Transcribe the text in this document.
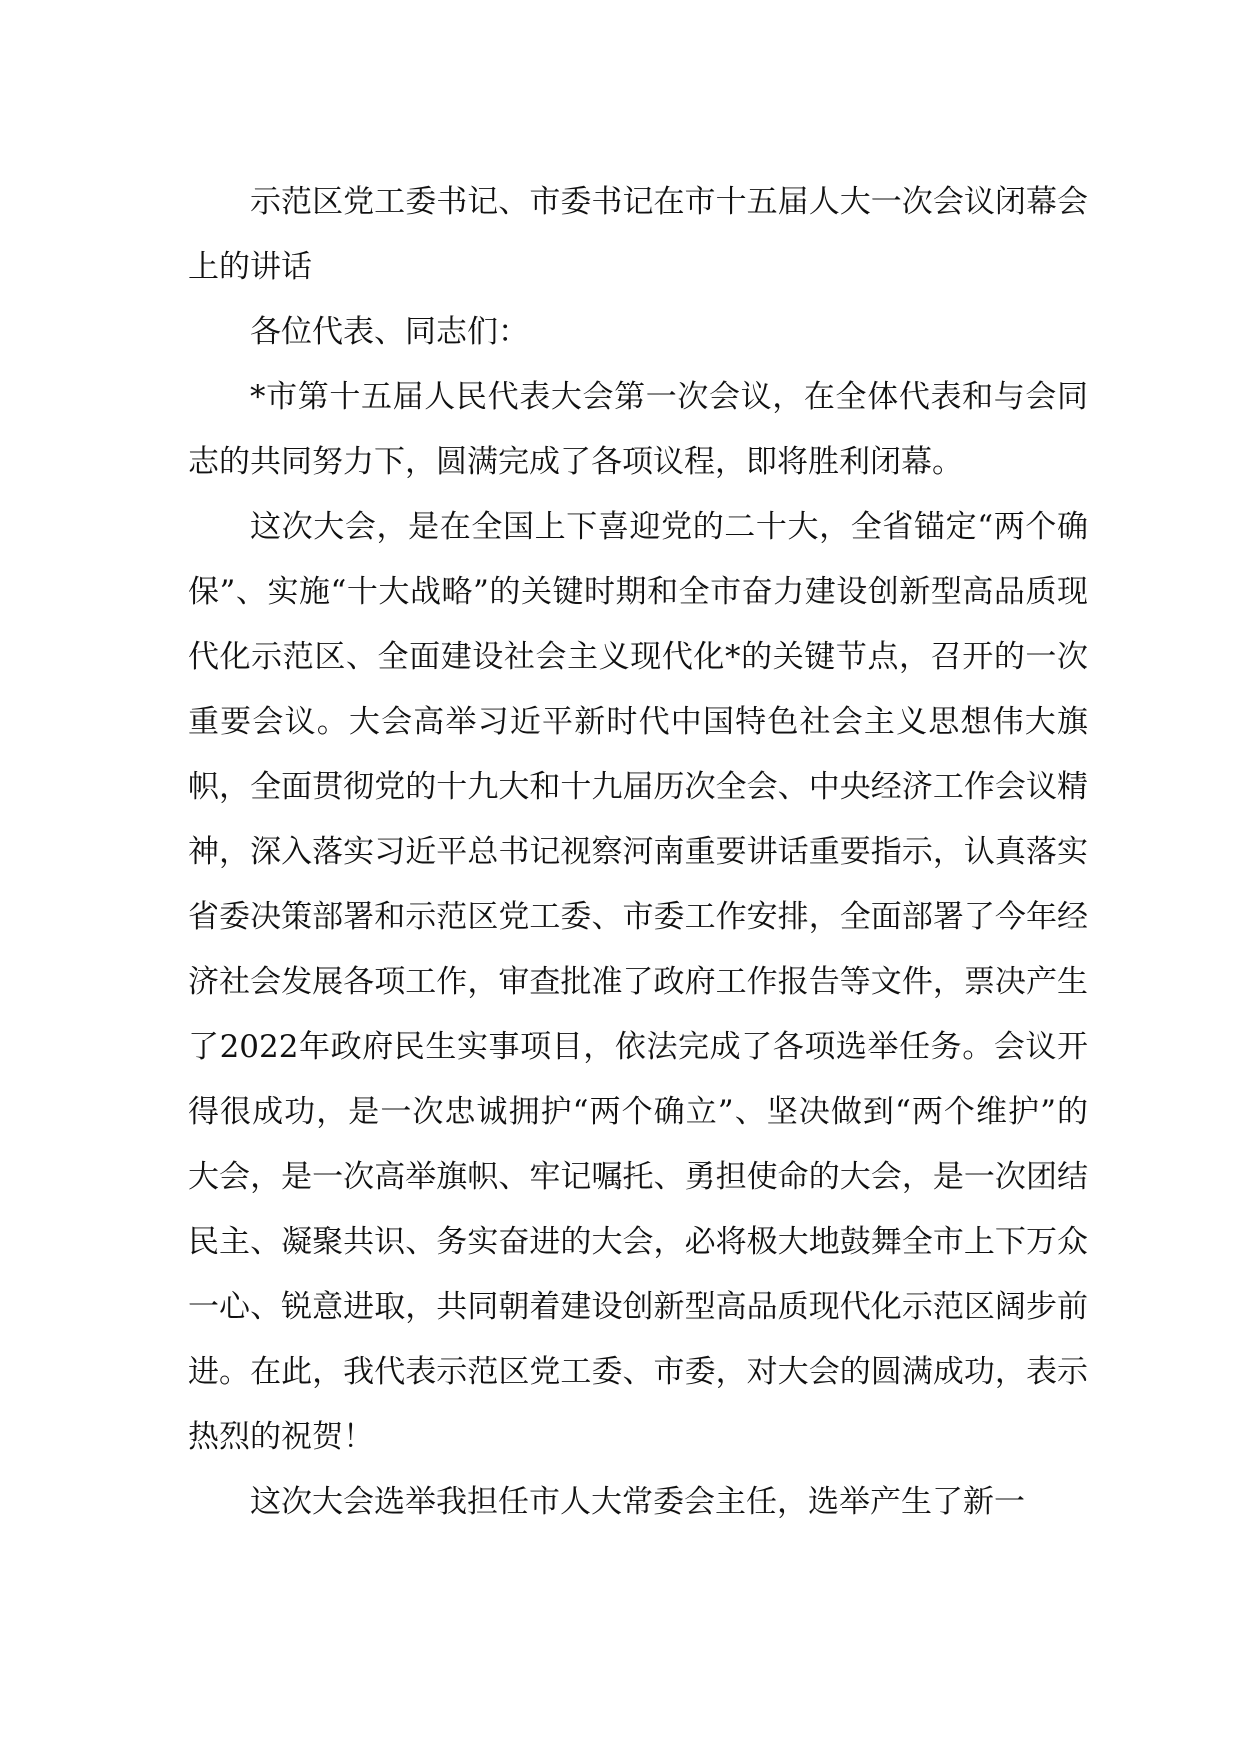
示范区党工委书记、市委书记在市十五届人大一次会议闭幕会上的讲话

各位代表、同志们：

*市第十五届人民代表大会第一次会议，在全体代表和与会同志的共同努力下，圆满完成了各项议程，即将胜利闭幕。

这次大会，是在全国上下喜迎党的二十大，全省锚定“两个确保”、实施“十大战略”的关键时期和全市奋力建设创新型高品质现代化示范区、全面建设社会主义现代化*的关键节点，召开的一次重要会议。大会高举习近平新时代中国特色社会主义思想伟大旗帜，全面贯彻党的十九大和十九届历次全会、中央经济工作会议精神，深入落实习近平总书记视察河南重要讲话重要指示，认真落实省委决策部署和示范区党工委、市委工作安排，全面部署了今年经济社会发展各项工作，审查批准了政府工作报告等文件，票决产生了2022年政府民生实事项目，依法完成了各项选举任务。会议开得很成功，是一次忠诚拥护“两个确立”、坚决做到“两个维护”的大会，是一次高举旗帜、牢记嘱托、勇担使命的大会，是一次团结民主、凝聚共识、务实奋进的大会，必将极大地鼓舞全市上下万众一心、锐意进取，共同朝着建设创新型高品质现代化示范区阔步前进。在此，我代表示范区党工委、市委，对大会的圆满成功，表示热烈的祝贺！

这次大会选举我担任市人大常委会主任，选举产生了新一
